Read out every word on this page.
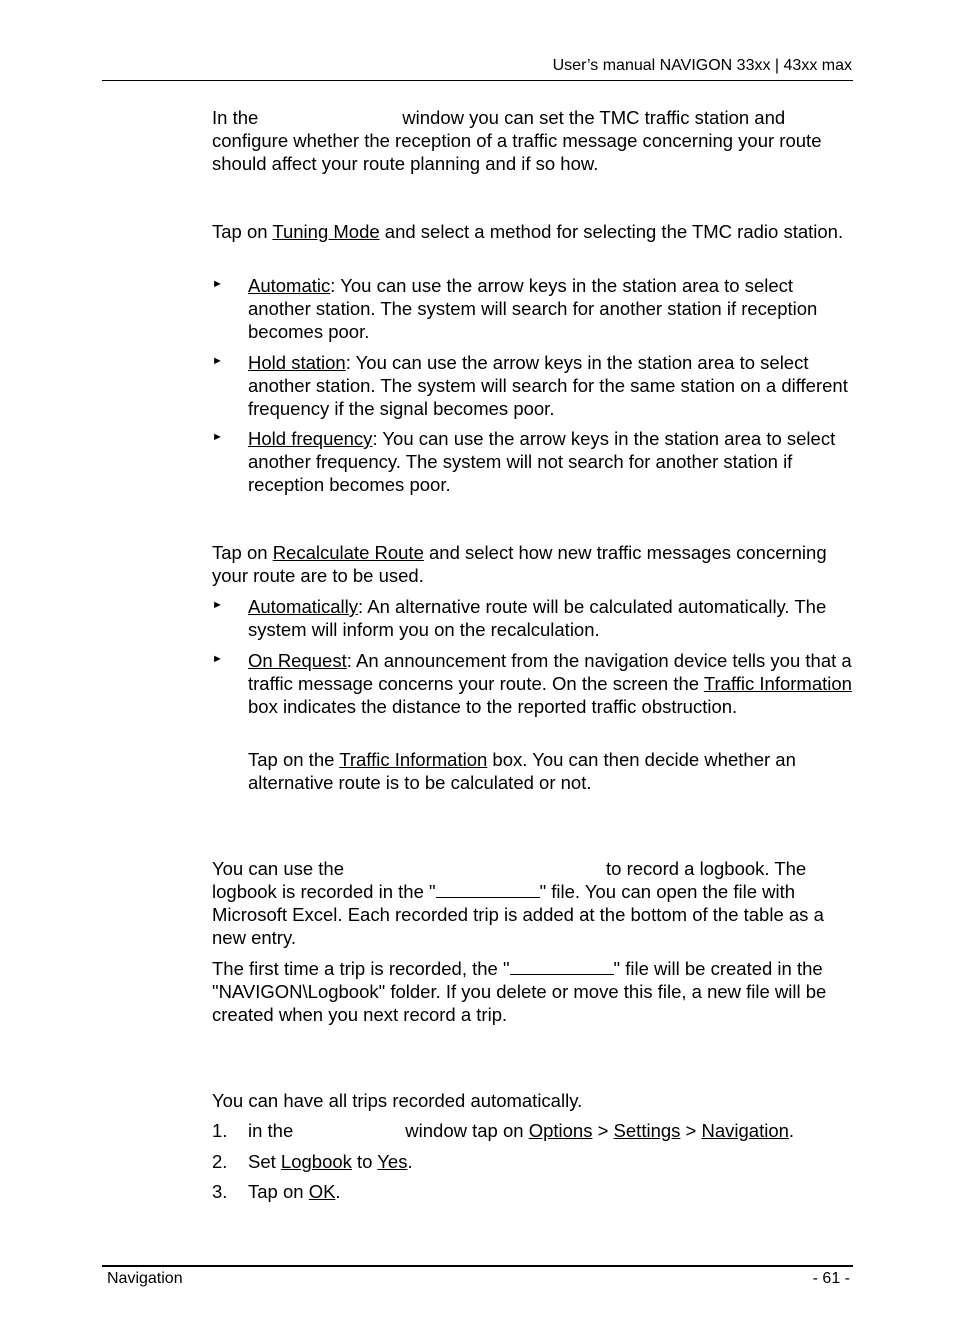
User’s manual NAVIGON 33xx | 43xx max

In the	window you can set the TMC traffic station and configure whether the reception of a traffic message concerning your route should affect your route planning and if so how.

Tap on Tuning Mode and select a method for selecting the TMC radio station.

► Automatic: You can use the arrow keys in the station area to select another station. The system will search for another station if reception becomes poor.

► Hold station: You can use the arrow keys in the station area to select another station. The system will search for the same station on a different frequency if the signal becomes poor.

► Hold frequency: You can use the arrow keys in the station area to select another frequency. The system will not search for another station if reception becomes poor.

Tap on Recalculate Route and select how new traffic messages concerning your route are to be used.

► Automatically: An alternative route will be calculated automatically. The system will inform you on the recalculation.

► On Request: An announcement from the navigation device tells you that a traffic message concerns your route. On the screen the Traffic Information box indicates the distance to the reported traffic obstruction.

Tap on the Traffic Information box. You can then decide whether an alternative route is to be calculated or not.

You can use the	to record a logbook. The logbook is recorded in the "	" file. You can open the file with Microsoft Excel. Each recorded trip is added at the bottom of the table as a new entry.

The first time a trip is recorded, the "	" file will be created in the "NAVIGON\Logbook" folder. If you delete or move this file, a new file will be created when you next record a trip.

You can have all trips recorded automatically.

1. in the	window tap on Options > Settings > Navigation.

2. Set Logbook to Yes.

3. Tap on OK.

Navigation	- 61 -
